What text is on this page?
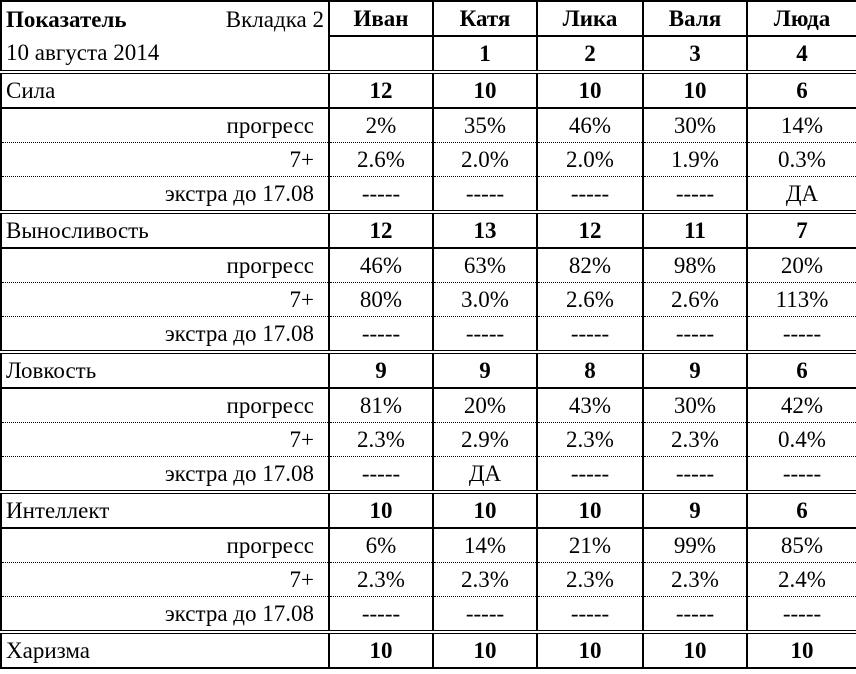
Показатель Вкладка 2
10 августа 2014	Иван	Катя	Лика	Валя	Люда
		1	2	3	4
Сила	12	10	10	10	6
прогресс	2%	35%	46%	30%	14%
7+	2.6%	2.0%	2.0%	1.9%	0.3%
экстра до 17.08	-----	-----	-----	-----	ДА
Выносливость	12	13	12	11	7
прогресс	46%	63%	82%	98%	20%
7+	80%	3.0%	2.6%	2.6%	113%
экстра до 17.08	-----	-----	-----	-----	-----
Ловкость	9	9	8	9	6
прогресс	81%	20%	43%	30%	42%
7+	2.3%	2.9%	2.3%	2.3%	0.4%
экстра до 17.08	-----	ДА	-----	-----	-----
Интеллект	10	10	10	9	6
прогресс	6%	14%	21%	99%	85%
7+	2.3%	2.3%	2.3%	2.3%	2.4%
экстра до 17.08	-----	-----	-----	-----	-----
Харизма	10	10	10	10	10
